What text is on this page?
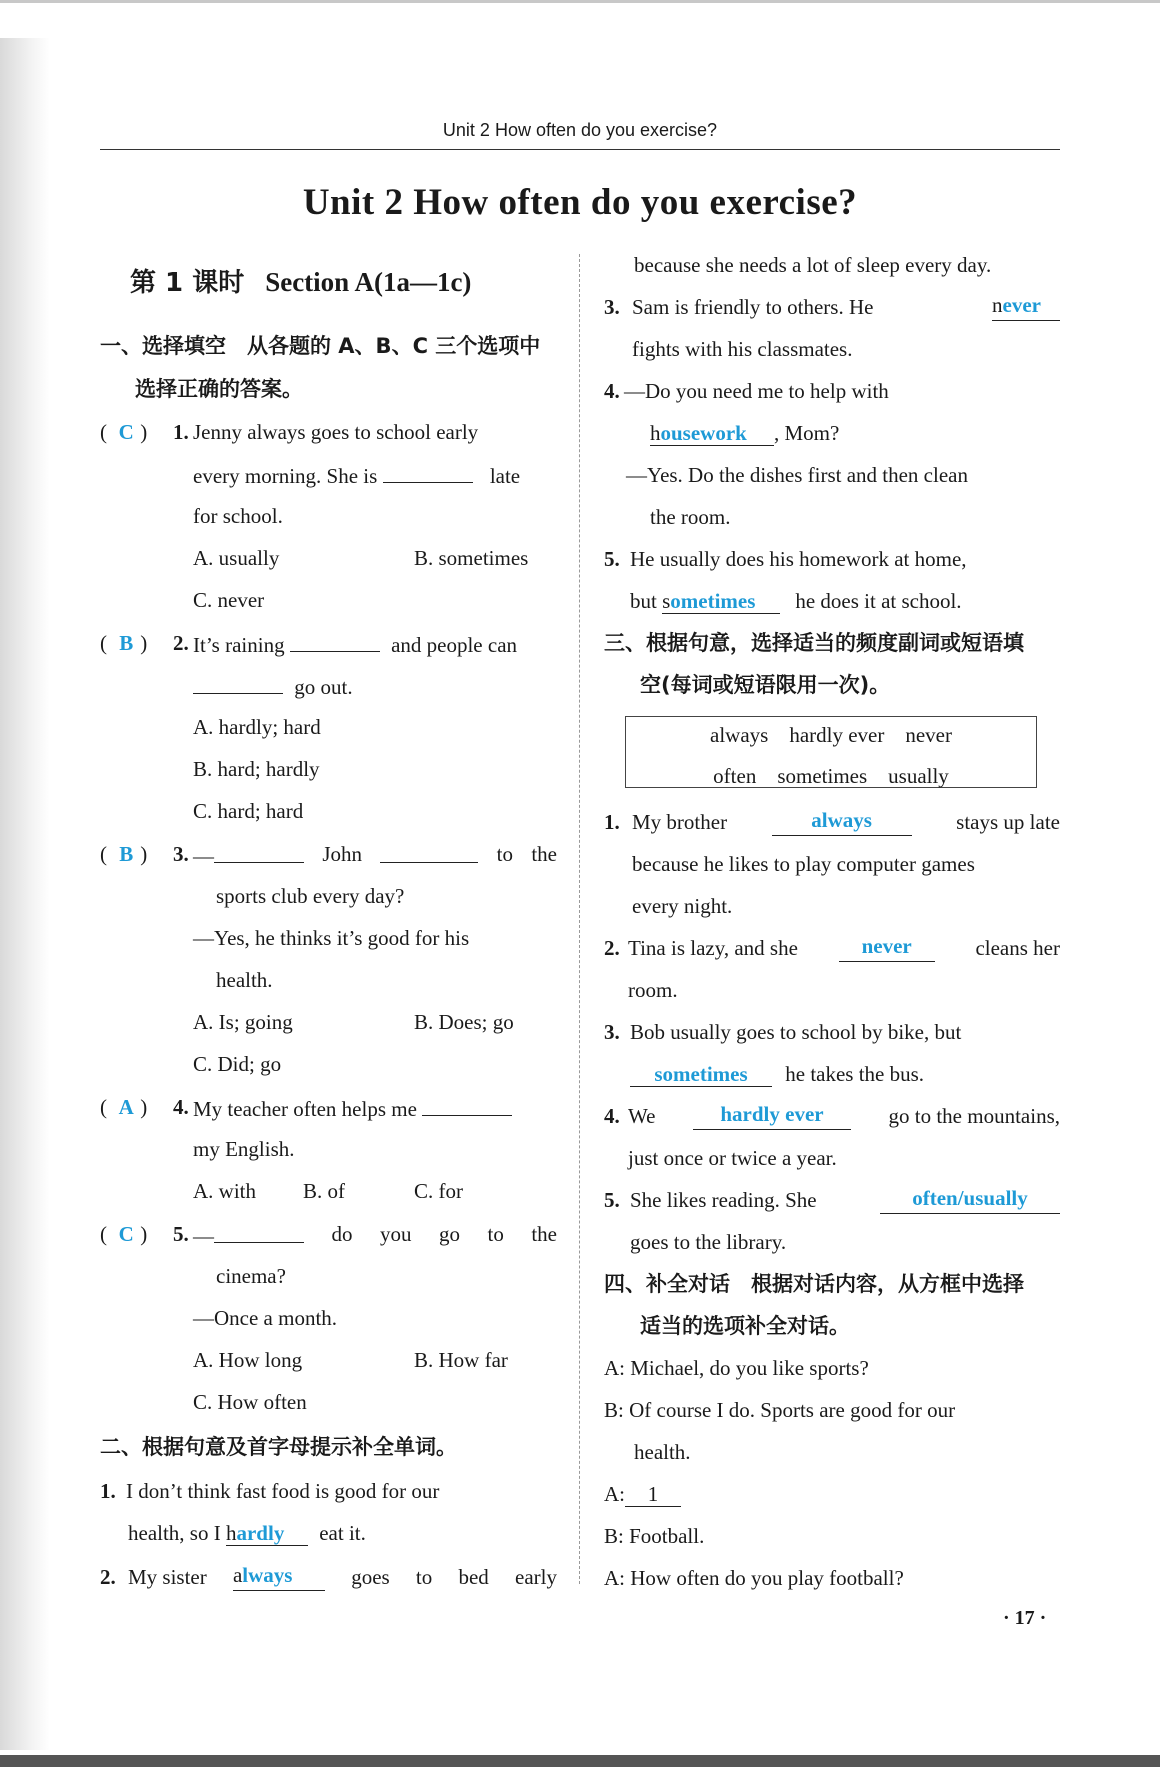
Unit 2 How often do you exercise?
Unit 2 How often do you exercise?
第 1 课时 Section A(1a—1c)
一、选择填空　从各题的 A、B、C 三个选项中
选择正确的答案。
( C ) 1. Jenny always goes to school early
every morning. She is	late
for school.
A. usually	B. sometimes
C. never
( B ) 2. It’s raining	and people can
go out.
A. hardly; hard
B. hard; hardly
C. hard; hard
( B ) 3. —	John	to the
sports club every day?
—Yes, he thinks it’s good for his
health.
A. Is; going	B. Does; go
C. Did; go
( A ) 4. My teacher often helps me
my English.
A. with B. of	C. for
( C ) 5. —	do you go to the
cinema?
—Once a month.
A. How long	B. How far
C. How often
二、根据句意及首字母提示补全单词。
1. I don’t think fast food is good for our
health, so I hardly eat it.
2. My sister always	goes to bed early
because she needs a lot of sleep every day.
3. Sam is friendly to others. He	never
fights with his classmates.
4. —Do you need me to help with
housework , Mom?
—Yes. Do the dishes first and then clean
the room.
5. He usually does his homework at home,
but sometimes he does it at school.
三、根据句意，选择适当的频度副词或短语填
空(每词或短语限用一次)。
always    hardly ever    never
often    sometimes    usually
1. My brother	always	stays up late
because he likes to play computer games
every night.
2. Tina is lazy, and she	never	cleans her
room.
3. Bob usually goes to school by bike, but
sometimes he takes the bus.
4. We	hardly ever	go to the mountains,
just once or twice a year.
5. She likes reading. She	often/usually
goes to the library.
四、补全对话　根据对话内容，从方框中选择
适当的选项补全对话。
A: Michael, do you like sports?
B: Of course I do. Sports are good for our
health.
A: 1
B: Football.
A: How often do you play football?
· 17 ·
